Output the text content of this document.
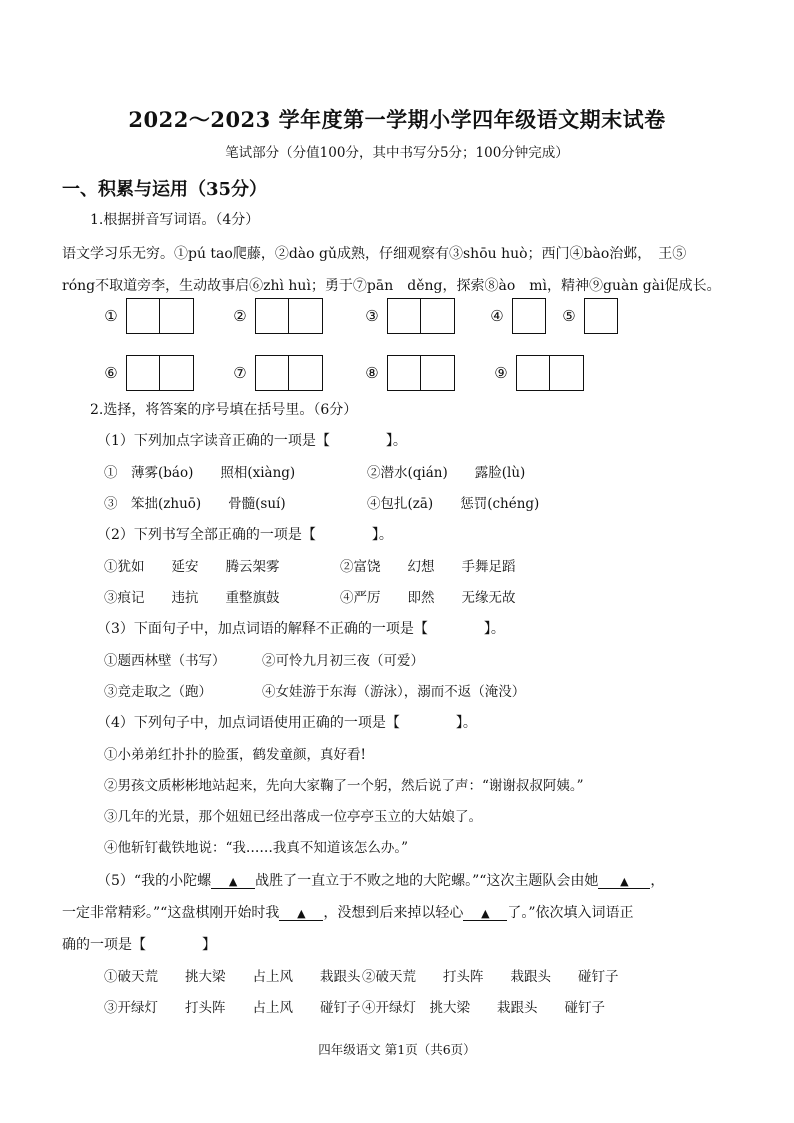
2022～2023 学年度第一学期小学四年级语文期末试卷
笔试部分（分值100分，其中书写分5分；100分钟完成）
一、积累与运用（35分）
1.根据拼音写词语。（4分）
语文学习乐无穷。①pú tao爬藤，②dào gǔ成熟，仔细观察有③shōu huò；西门④bào治邺，　王⑤
róng不取道旁李，生动故事启⑥zhì huì；勇于⑦pān　děng，探索⑧ào　mì，精神⑨guàn gài促成长。
①	②	③	④	⑤
⑥	⑦	⑧	⑨
2.选择，将答案的序号填在括号里。（6分）
（1）下列加点字读音正确的一项是【　　　　】。
①　薄雾(báo)　　照相(xiàng)	②潜水(qián)　　露脸(lù)
③　笨拙(zhuō)　　骨髓(suí)	④包扎(zā)　　惩罚(chéng)
（2）下列书写全部正确的一项是【　　　　】。
①犹如　　延安　　腾云架雾	②富饶　　幻想　　手舞足蹈
③痕记　　违抗　　重整旗鼓	④严厉　　即然　　无缘无故
（3）下面句子中，加点词语的解释不正确的一项是【　　　　】。
①题西林壁（书写）	②可怜九月初三夜（可爱）
③竞走取之（跑）	④女娃游于东海（游泳），溺而不返（淹没）
（4）下列句子中，加点词语使用正确的一项是【　　　　】。
①小弟弟红扑扑的脸蛋，鹤发童颜，真好看!
②男孩文质彬彬地站起来，先向大家鞠了一个躬，然后说了声：“谢谢叔叔阿姨。”
③几年的光景，那个妞妞已经出落成一位亭亭玉立的大姑娘了。
④他斩钉截铁地说：“我……我真不知道该怎么办。”
（5）“我的小陀螺 ▲ 战胜了一直立于不败之地的大陀螺。”“这次主题队会由她 ▲ ，
一定非常精彩。”“这盘棋刚开始时我 ▲ ，没想到后来掉以轻心 ▲ 了。”依次填入词语正
确的一项是【　　　　】
①破天荒　　挑大梁　　占上风　　栽跟头 ②破天荒　　打头阵　　栽跟头　　碰钉子
③开绿灯　　打头阵　　占上风　　碰钉子 ④开绿灯　挑大梁　　栽跟头　　碰钉子
四年级语文 第1页（共6页）
